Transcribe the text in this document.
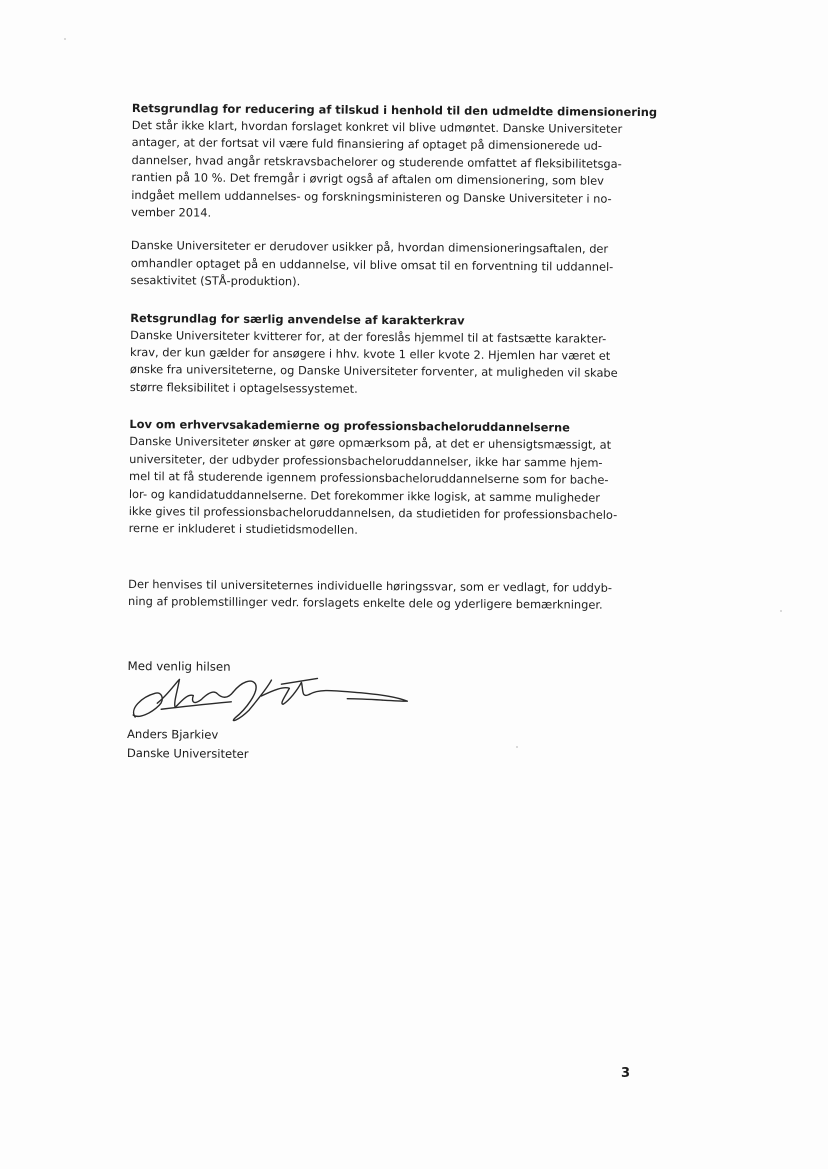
Retsgrundlag for reducering af tilskud i henhold til den udmeldte dimensionering

Det står ikke klart, hvordan forslaget konkret vil blive udmøntet. Danske Universiteter
antager, at der fortsat vil være fuld finansiering af optaget på dimensionerede ud-
dannelser, hvad angår retskravsbachelorer og studerende omfattet af fleksibilitetsga-
rantien på 10 %. Det fremgår i øvrigt også af aftalen om dimensionering, som blev
indgået mellem uddannelses- og forskningsministeren og Danske Universiteter i no-
vember 2014.
Danske Universiteter er derudover usikker på, hvordan dimensioneringsaftalen, der
omhandler optaget på en uddannelse, vil blive omsat til en forventning til uddannel-
sesaktivitet (STÅ-produktion).

Retsgrundlag for særlig anvendelse af karakterkrav

Danske Universiteter kvitterer for, at der foreslås hjemmel til at fastsætte karakter-
krav, der kun gælder for ansøgere i hhv. kvote 1 eller kvote 2. Hjemlen har været et
ønske fra universiteterne, og Danske Universiteter forventer, at muligheden vil skabe
større fleksibilitet i optagelsessystemet.

Lov om erhvervsakademierne og professionsbacheloruddannelserne

Danske Universiteter ønsker at gøre opmærksom på, at det er uhensigtsmæssigt, at
universiteter, der udbyder professionsbacheloruddannelser, ikke har samme hjem-
mel til at få studerende igennem professionsbacheloruddannelserne som for bache-
lor- og kandidatuddannelserne. Det forekommer ikke logisk, at samme muligheder
ikke gives til professionsbacheloruddannelsen, da studietiden for professionsbachelo-
rerne er inkluderet i studietidsmodellen.
Der henvises til universiteternes individuelle høringssvar, som er vedlagt, for uddyb-
ning af problemstillinger vedr. forslagets enkelte dele og yderligere bemærkninger.
Med venlig hilsen
Anders Bjarkiev
Danske Universiteter
3
